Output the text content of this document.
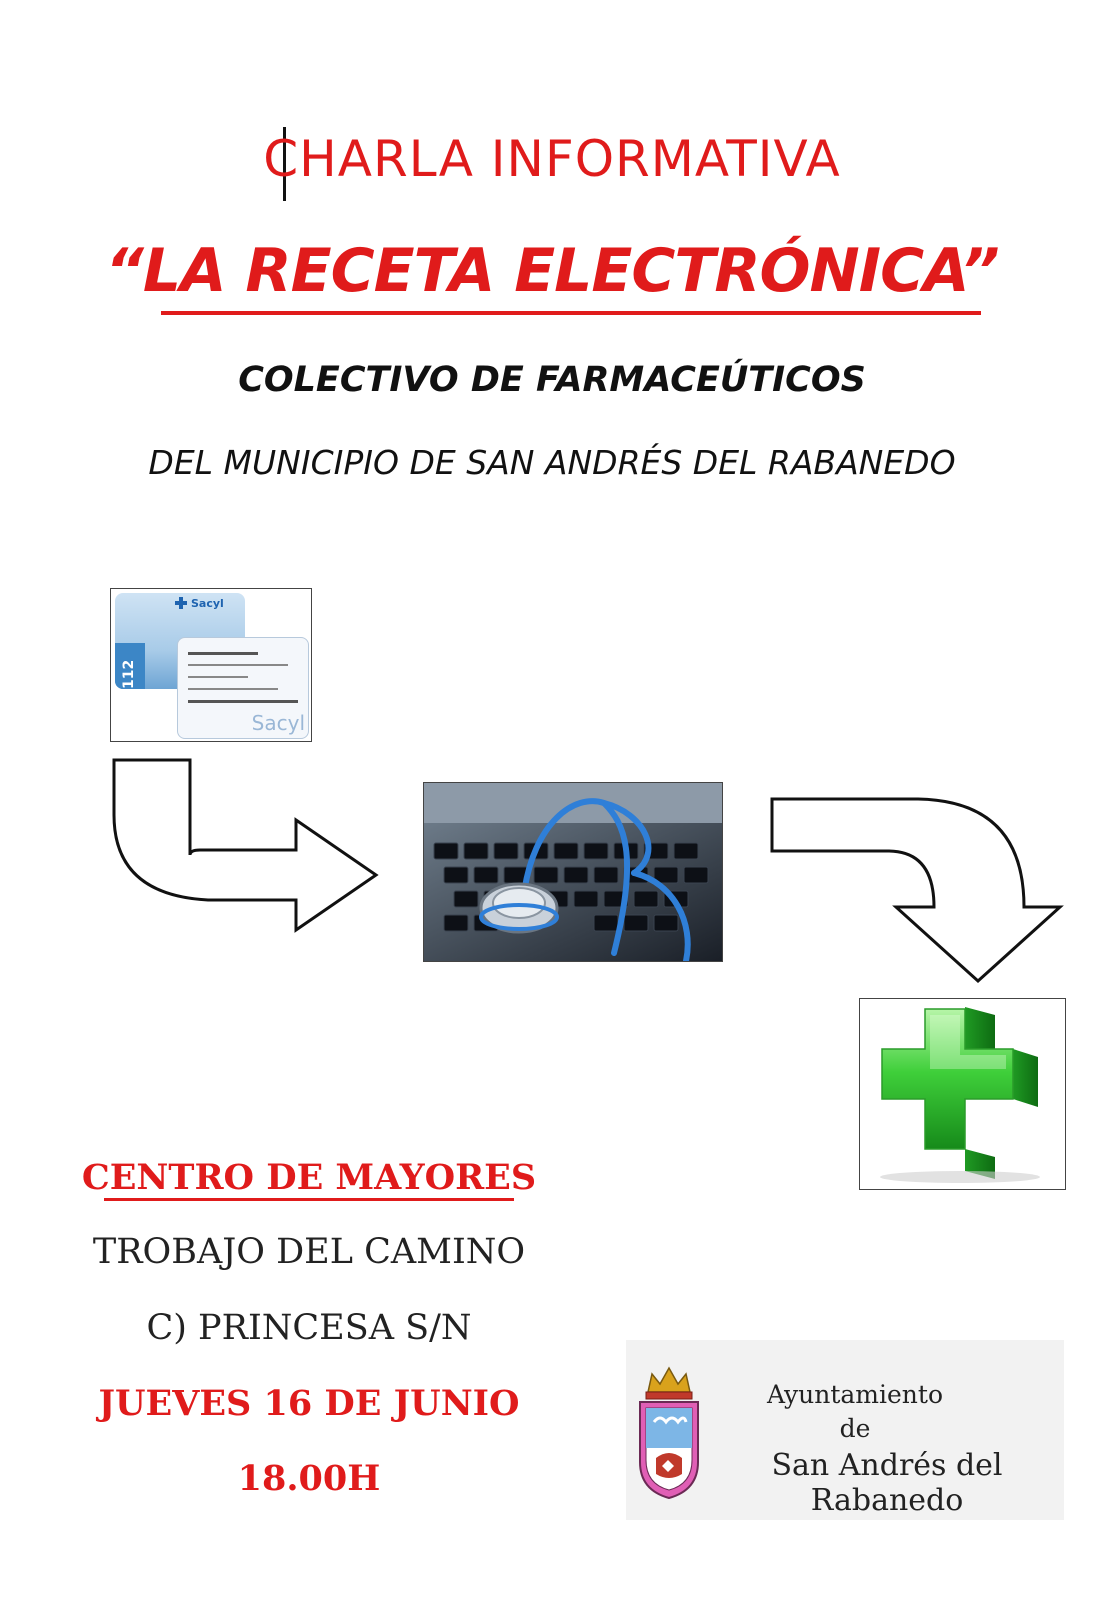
CHARLA INFORMATIVA
“LA RECETA ELECTRÓNICA”
COLECTIVO DE FARMACEÚTICOS
DEL MUNICIPIO DE SAN ANDRÉS DEL RABANEDO
112
Sacyl
Sacyl
CENTRO DE MAYORES
TROBAJO DEL CAMINO
C) PRINCESA S/N
JUEVES 16 DE JUNIO
18.00H
Ayuntamiento
de
San Andrés del Rabanedo
